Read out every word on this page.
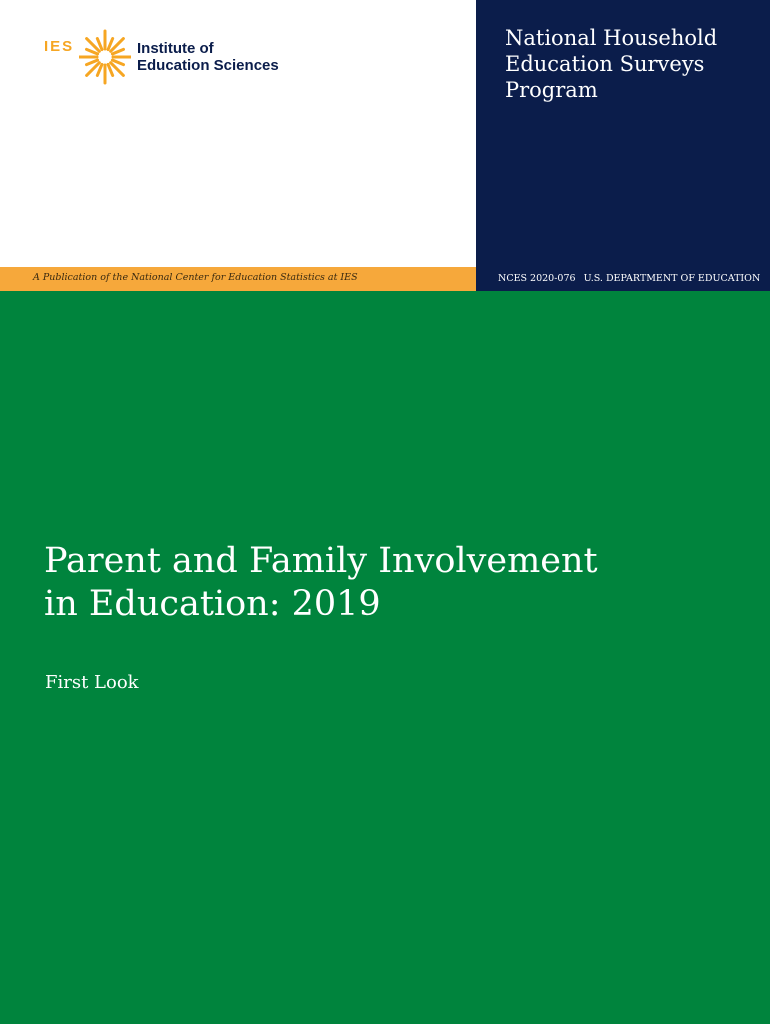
IES	Institute of
Education Sciences
National Household
Education Surveys
Program
A Publication of the National Center for Education Statistics at IES	NCES 2020-076 U.S. DEPARTMENT OF EDUCATION
Parent and Family Involvement
in Education: 2019
First Look
